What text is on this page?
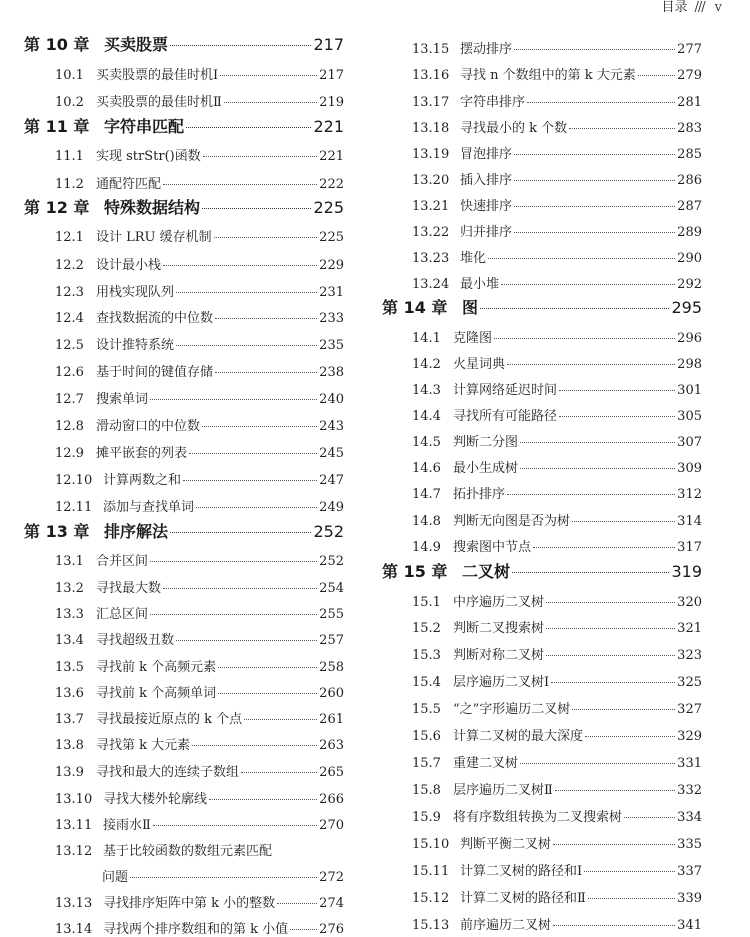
目录 /// v
第 10 章 买卖股票	217
10.1 买卖股票的最佳时机Ⅰ	217
10.2 买卖股票的最佳时机Ⅱ	219
第 11 章 字符串匹配	221
11.1 实现 strStr()函数	221
11.2 通配符匹配	222
第 12 章 特殊数据结构	225
12.1 设计 LRU 缓存机制	225
12.2 设计最小栈	229
12.3 用栈实现队列	231
12.4 查找数据流的中位数	233
12.5 设计推特系统	235
12.6 基于时间的键值存储	238
12.7 搜索单词	240
12.8 滑动窗口的中位数	243
12.9 摊平嵌套的列表	245
12.10 计算两数之和	247
12.11 添加与查找单词	249
第 13 章 排序解法	252
13.1 合并区间	252
13.2 寻找最大数	254
13.3 汇总区间	255
13.4 寻找超级丑数	257
13.5 寻找前 k 个高频元素	258
13.6 寻找前 k 个高频单词	260
13.7 寻找最接近原点的 k 个点	261
13.8 寻找第 k 大元素	263
13.9 寻找和最大的连续子数组	265
13.10 寻找大楼外轮廓线	266
13.11 接雨水Ⅱ	270
13.12 基于比较函数的数组元素匹配
问题	272
13.13 寻找排序矩阵中第 k 小的整数	274
13.14 寻找两个排序数组和的第 k 小值 276
13.15 摆动排序	277
13.16 寻找 n 个数组中的第 k 大元素	279
13.17 字符串排序	281
13.18 寻找最小的 k 个数	283
13.19 冒泡排序	285
13.20 插入排序	286
13.21 快速排序	287
13.22 归并排序	289
13.23 堆化	290
13.24 最小堆	292
第 14 章 图	295
14.1 克隆图	296
14.2 火星词典	298
14.3 计算网络延迟时间	301
14.4 寻找所有可能路径	305
14.5 判断二分图	307
14.6 最小生成树	309
14.7 拓扑排序	312
14.8 判断无向图是否为树	314
14.9 搜索图中节点	317
第 15 章 二叉树	319
15.1 中序遍历二叉树	320
15.2 判断二叉搜索树	321
15.3 判断对称二叉树	323
15.4 层序遍历二叉树Ⅰ	325
15.5 “之”字形遍历二叉树	327
15.6 计算二叉树的最大深度	329
15.7 重建二叉树	331
15.8 层序遍历二叉树Ⅱ	332
15.9 将有序数组转换为二叉搜索树	334
15.10 判断平衡二叉树	335
15.11 计算二叉树的路径和Ⅰ	337
15.12 计算二叉树的路径和Ⅱ	339
15.13 前序遍历二叉树	341
